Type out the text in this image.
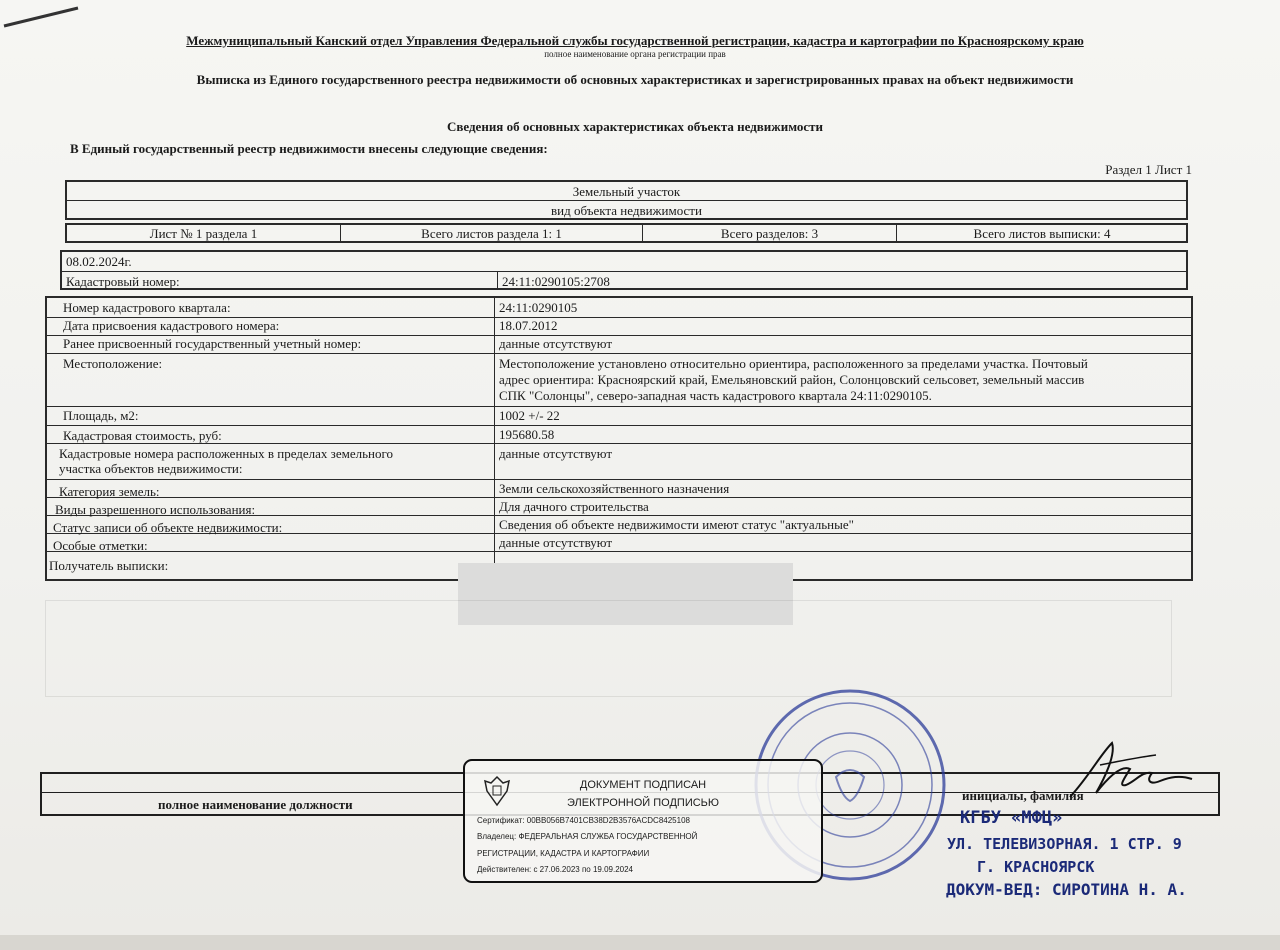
Межмуниципальный Канский отдел Управления Федеральной службы государственной регистрации, кадастра и картографии по Красноярскому краю
полное наименование органа регистрации прав
Выписка из Единого государственного реестра недвижимости об основных характеристиках и зарегистрированных правах на объект недвижимости
Сведения об основных характеристиках объекта недвижимости
В Единый государственный реестр недвижимости внесены следующие сведения:
Раздел 1 Лист 1
Земельный участок
вид объекта недвижимости
Лист № 1 раздела 1	Всего листов раздела 1: 1	Всего разделов: 3	Всего листов выписки: 4
08.02.2024г.
Кадастровый номер:	24:11:0290105:2708
Номер кадастрового квартала:	24:11:0290105
Дата присвоения кадастрового номера:	18.07.2012
Ранее присвоенный государственный учетный номер:	данные отсутствуют
Местоположение:	Местоположение установлено относительно ориентира, расположенного за пределами участка. Почтовый
адрес ориентира: Красноярский край, Емельяновский район, Солонцовский сельсовет, земельный массив
СПК "Солонцы", северо-западная часть кадастрового квартала 24:11:0290105.
Площадь, м2:	1002 +/- 22
Кадастровая стоимость, руб:	195680.58
Кадастровые номера расположенных в пределах земельного
участка объектов недвижимости:
данные отсутствуют
Категория земель:	Земли сельскохозяйственного назначения
Виды разрешенного использования:	Для дачного строительства
Статус записи об объекте недвижимости:	Сведения об объекте недвижимости имеют статус "актуальные"
Особые отметки:	данные отсутствуют
Получатель выписки:
полное наименование должности
инициалы, фамилия
ДОКУМЕНТ ПОДПИСАН
ЭЛЕКТРОННОЙ ПОДПИСЬЮ
Сертификат: 00BB056B7401CB38D2B3576ACDC8425108
Владелец: ФЕДЕРАЛЬНАЯ СЛУЖБА ГОСУДАРСТВЕННОЙ
РЕГИСТРАЦИИ, КАДАСТРА И КАРТОГРАФИИ
Действителен: с 27.06.2023 по 19.09.2024
КГБУ «МФЦ»
УЛ. ТЕЛЕВИЗОРНАЯ. 1 СТР. 9
Г. КРАСНОЯРСК
ДОКУМ-ВЕД: СИРОТИНА Н. А.
